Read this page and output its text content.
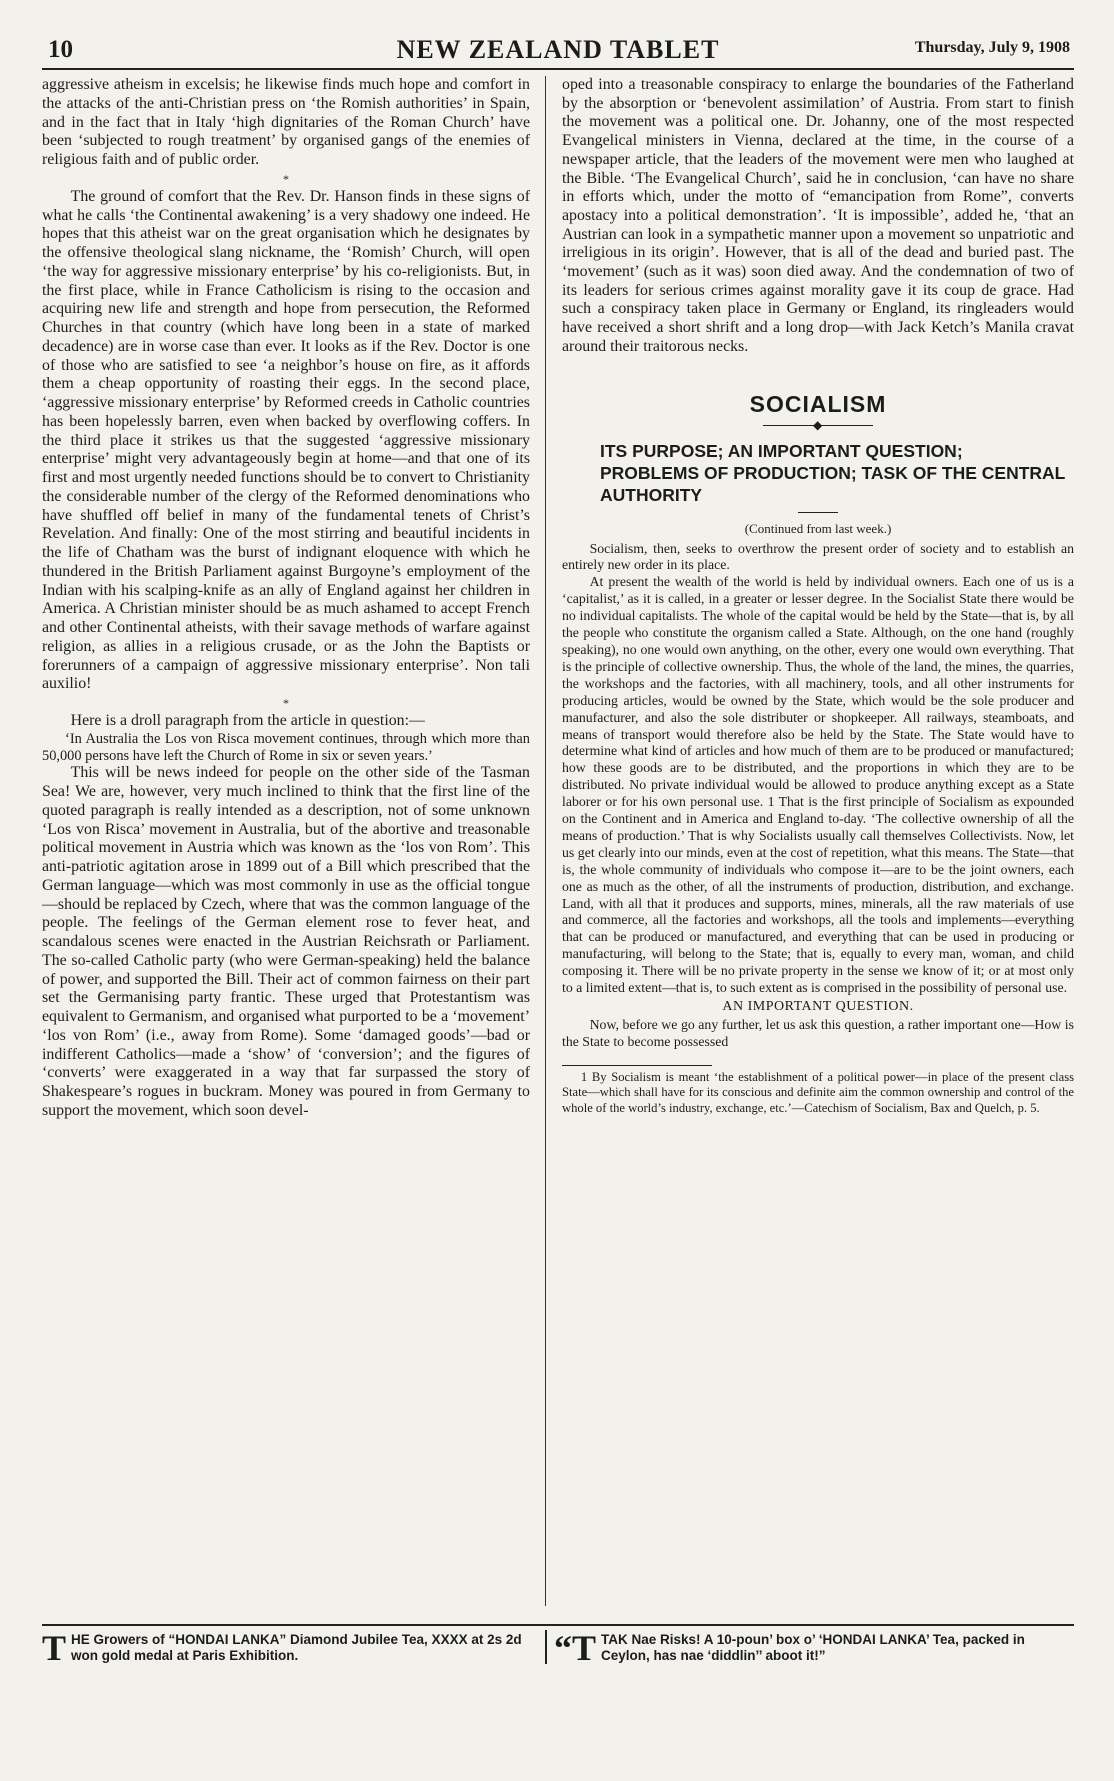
10	NEW ZEALAND TABLET	Thursday, July 9, 1908

aggressive atheism in excelsis; he likewise finds much hope and comfort in the attacks of the anti-Christian press on ‘the Romish authorities’ in Spain, and in the fact that in Italy ‘high dignitaries of the Roman Church’ have been ‘subjected to rough treatment’ by organised gangs of the enemies of religious faith and of public order.

*

The ground of comfort that the Rev. Dr. Hanson finds in these signs of what he calls ‘the Continental awakening’ is a very shadowy one indeed. He hopes that this atheist war on the great organisation which he designates by the offensive theological slang nickname, the ‘Romish’ Church, will open ‘the way for aggressive missionary enterprise’ by his co-religionists. But, in the first place, while in France Catholicism is rising to the occasion and acquiring new life and strength and hope from persecution, the Reformed Churches in that country (which have long been in a state of marked decadence) are in worse case than ever. It looks as if the Rev. Doctor is one of those who are satisfied to see ‘a neighbor’s house on fire, as it affords them a cheap opportunity of roasting their eggs. In the second place, ‘aggressive missionary enterprise’ by Reformed creeds in Catholic countries has been hopelessly barren, even when backed by overflowing coffers. In the third place it strikes us that the suggested ‘aggressive missionary enterprise’ might very advantageously begin at home—and that one of its first and most urgently needed functions should be to convert to Christianity the considerable number of the clergy of the Reformed denominations who have shuffled off belief in many of the fundamental tenets of Christ’s Revelation. And finally: One of the most stirring and beautiful incidents in the life of Chatham was the burst of indignant eloquence with which he thundered in the British Parliament against Burgoyne’s employment of the Indian with his scalping-knife as an ally of England against her children in America. A Christian minister should be as much ashamed to accept French and other Continental atheists, with their savage methods of warfare against religion, as allies in a religious crusade, or as the John the Baptists or forerunners of a campaign of aggressive missionary enterprise’. Non tali auxilio!

*

Here is a droll paragraph from the article in question:—

‘In Australia the Los von Risca movement continues, through which more than 50,000 persons have left the Church of Rome in six or seven years.’

This will be news indeed for people on the other side of the Tasman Sea! We are, however, very much inclined to think that the first line of the quoted paragraph is really intended as a description, not of some unknown ‘Los von Risca’ movement in Australia, but of the abortive and treasonable political movement in Austria which was known as the ‘los von Rom’. This anti-patriotic agitation arose in 1899 out of a Bill which prescribed that the German language—which was most commonly in use as the official tongue—should be replaced by Czech, where that was the common language of the people. The feelings of the German element rose to fever heat, and scandalous scenes were enacted in the Austrian Reichsrath or Parliament. The so-called Catholic party (who were German-speaking) held the balance of power, and supported the Bill. Their act of common fairness on their part set the Germanising party frantic. These urged that Protestantism was equivalent to Germanism, and organised what purported to be a ‘movement’ ‘los von Rom’ (i.e., away from Rome). Some ‘damaged goods’—bad or indifferent Catholics—made a ‘show’ of ‘conversion’; and the figures of ‘converts’ were exaggerated in a way that far surpassed the story of Shakespeare’s rogues in buckram. Money was poured in from Germany to support the movement, which soon devel-

oped into a treasonable conspiracy to enlarge the boundaries of the Fatherland by the absorption or ‘benevolent assimilation’ of Austria. From start to finish the movement was a political one. Dr. Johanny, one of the most respected Evangelical ministers in Vienna, declared at the time, in the course of a newspaper article, that the leaders of the movement were men who laughed at the Bible. ‘The Evangelical Church’, said he in conclusion, ‘can have no share in efforts which, under the motto of “emancipation from Rome”, converts apostacy into a political demonstration’. ‘It is impossible’, added he, ‘that an Austrian can look in a sympathetic manner upon a movement so unpatriotic and irreligious in its origin’. However, that is all of the dead and buried past. The ‘movement’ (such as it was) soon died away. And the condemnation of two of its leaders for serious crimes against morality gave it its coup de grace. Had such a conspiracy taken place in Germany or England, its ringleaders would have received a short shrift and a long drop—with Jack Ketch’s Manila cravat around their traitorous necks.

SOCIALISM
◆
ITS PURPOSE; AN IMPORTANT QUESTION; PROBLEMS OF PRODUCTION; TASK OF THE CENTRAL AUTHORITY
(Continued from last week.)

Socialism, then, seeks to overthrow the present order of society and to establish an entirely new order in its place.

At present the wealth of the world is held by individual owners. Each one of us is a ‘capitalist,’ as it is called, in a greater or lesser degree. In the Socialist State there would be no individual capitalists. The whole of the capital would be held by the State—that is, by all the people who constitute the organism called a State. Although, on the one hand (roughly speaking), no one would own anything, on the other, every one would own everything. That is the principle of collective ownership. Thus, the whole of the land, the mines, the quarries, the workshops and the factories, with all machinery, tools, and all other instruments for producing articles, would be owned by the State, which would be the sole producer and manufacturer, and also the sole distributer or shopkeeper. All railways, steamboats, and means of transport would therefore also be held by the State. The State would have to determine what kind of articles and how much of them are to be produced or manufactured; how these goods are to be distributed, and the proportions in which they are to be distributed. No private individual would be allowed to produce anything except as a State laborer or for his own personal use. 1 That is the first principle of Socialism as expounded on the Continent and in America and England to-day. ‘The collective ownership of all the means of production.’ That is why Socialists usually call themselves Collectivists. Now, let us get clearly into our minds, even at the cost of repetition, what this means. The State—that is, the whole community of individuals who compose it—are to be the joint owners, each one as much as the other, of all the instruments of production, distribution, and exchange. Land, with all that it produces and supports, mines, minerals, all the raw materials of use and commerce, all the factories and workshops, all the tools and implements—everything that can be produced or manufactured, and everything that can be used in producing or manufacturing, will belong to the State; that is, equally to every man, woman, and child composing it. There will be no private property in the sense we know of it; or at most only to a limited extent—that is, to such extent as is comprised in the possibility of personal use.

AN IMPORTANT QUESTION.

Now, before we go any further, let us ask this question, a rather important one—How is the State to become possessed

1 By Socialism is meant ‘the establishment of a political power—in place of the present class State—which shall have for its conscious and definite aim the common ownership and control of the whole of the world’s industry, exchange, etc.’—Catechism of Socialism, Bax and Quelch, p. 5.

T HE Growers of “HONDAI LANKA” Diamond Jubilee Tea, XXXX at 2s 2d won gold medal at Paris Exhibition.	“T TAK Nae Risks! A 10-poun’ box o’ ‘HONDAI LANKA’ Tea, packed in Ceylon, has nae ‘diddlin’’ aboot it!”
